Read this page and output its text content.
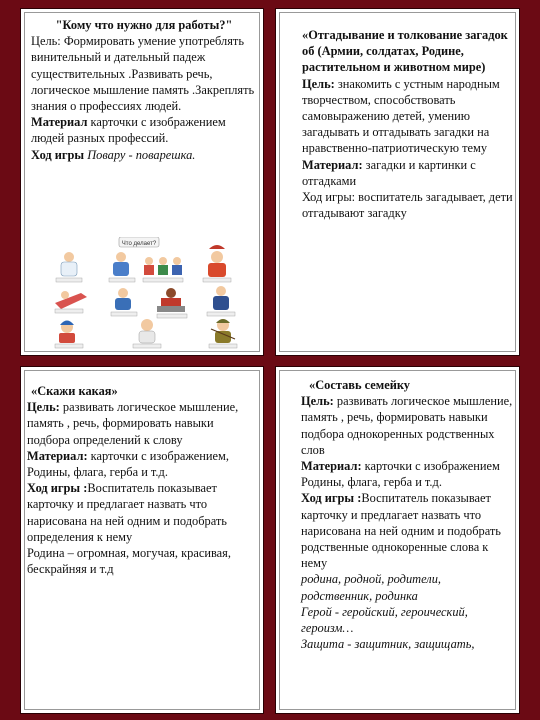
"Кому что нужно для работы?"

Цель: Формировать умение употреблять винительный и дательный падеж существительных .Развивать речь, логическое мышление память .Закреплять знания о профессиях людей.

Материал карточки с изображением людей разных профессий.

Ход игры Повару - поварешка.

Что делает?
«Отгадывание и толкование загадок об (Армии, солдатах, Родине, растительном и животном мире)

Цель: знакомить с устным народным творчеством, способствовать самовыражению детей, умению загадывать и отгадывать загадки на нравственно-патриотическую тему

Материал: загадки и картинки с отгадками

Ход игры: воспитатель загадывает, дети отгадывают загадку

«Скажи какая»

Цель: развивать логическое мышление, память , речь, формировать навыки подбора определений к слову

Материал: карточки с изображением, Родины, флага, герба и т.д.

Ход игры :Воспитатель показывает карточку и предлагает назвать что нарисована на ней одним и подобрать определения к нему

Родина – огромная, могучая, красивая, бескрайняя и т.д

«Составь семейку

Цель: развивать логическое мышление, память , речь, формировать навыки подбора однокоренных родственных слов

Материал: карточки с изображением Родины, флага, герба и т.д.

Ход игры :Воспитатель показывает карточку и предлагает назвать что нарисована на ней одним и подобрать родственные однокоренные слова к нему

родина, родной, родители, родственник, родинка

Герой - геройский, героический, героизм…

Защита - защитник, защищать,
